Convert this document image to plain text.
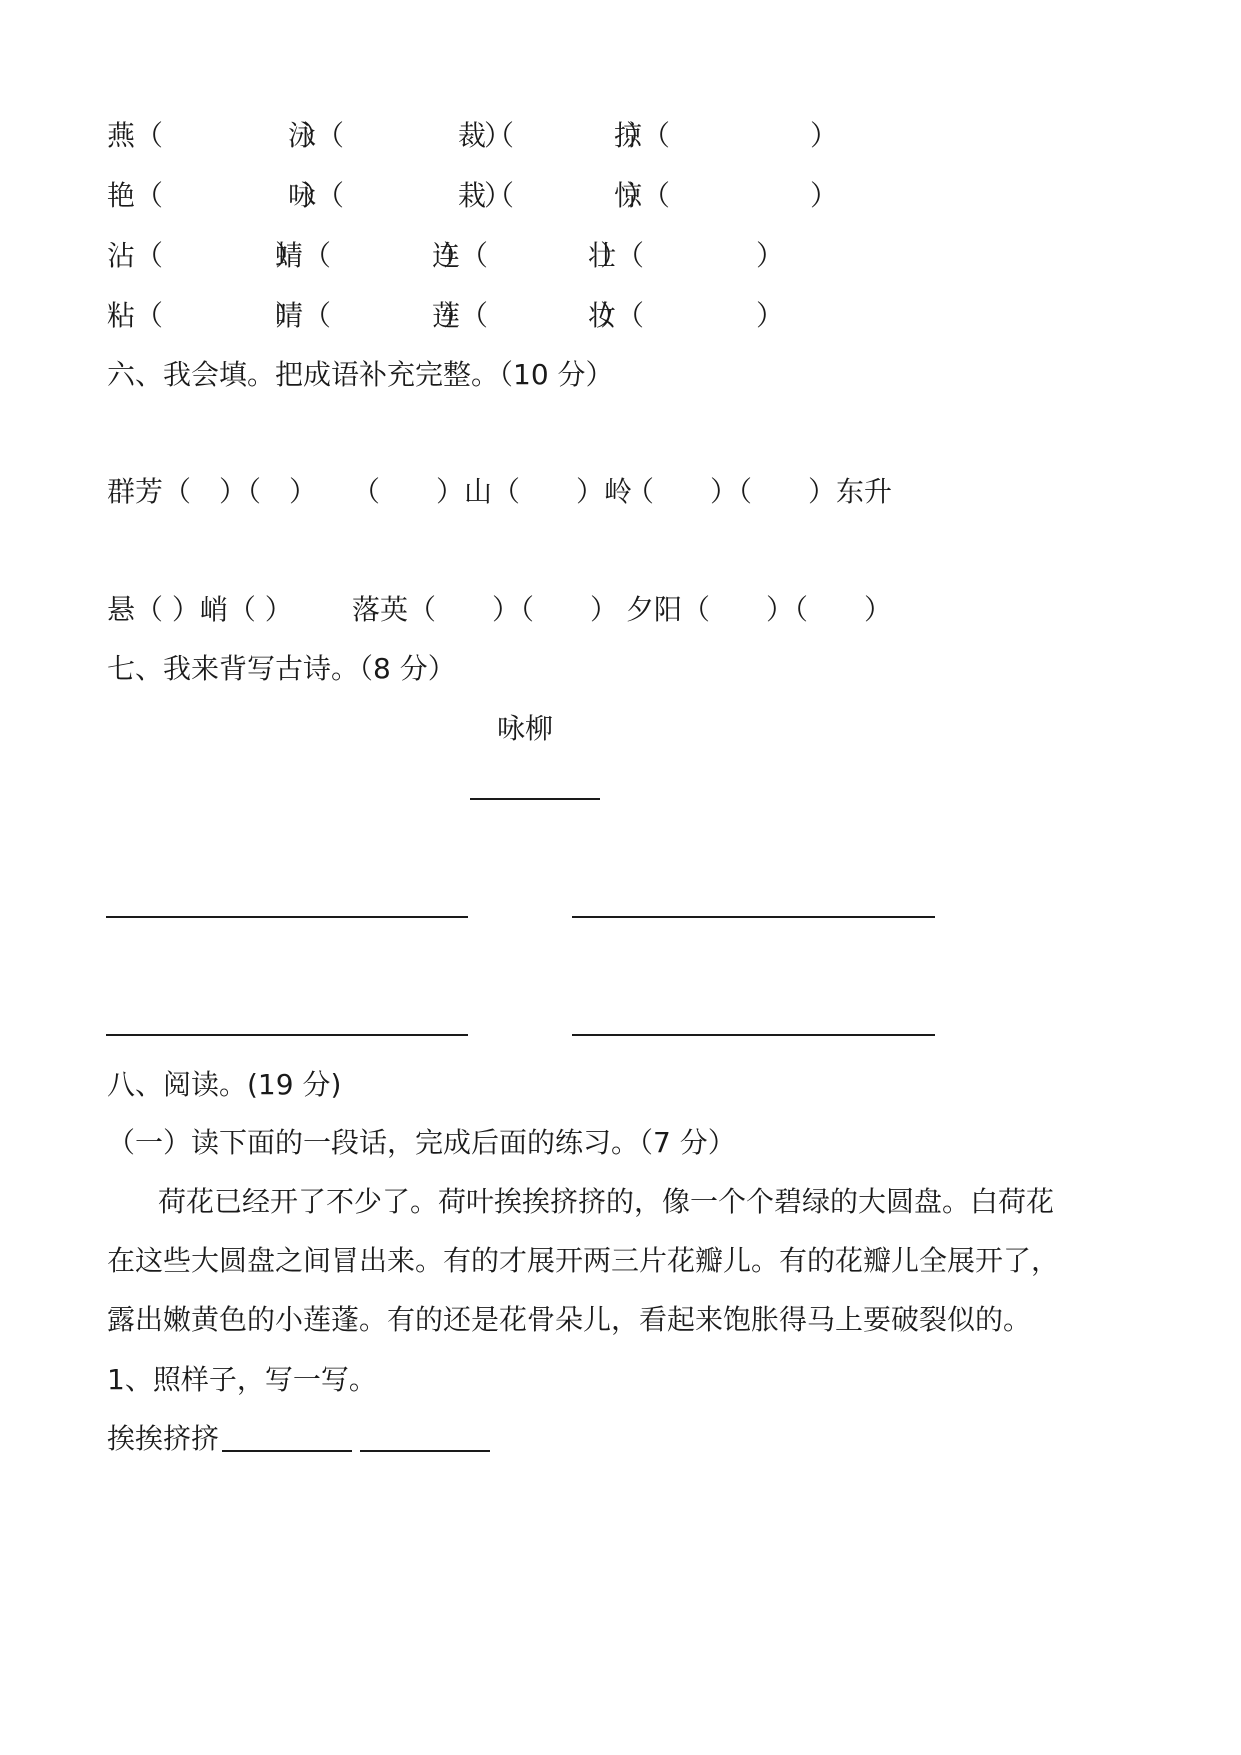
燕（　　　　　）
泳（　　　　　）
裁（　　　　）
掠（　　　　　）
艳（　　　　　）
咏（　　　　　）
栽（　　　　）
惊（　　　　　）
沾（　　　　）
蜻（　　　　）
连（　　　　）
壮（　　　　）
粘（　　　　）
晴（　　　　）
莲（　　　　）
妆（　　　　）
六、我会填。把成语补充完整。（10 分）
群芳（　）（　） （　　）山（　　）岭
（　　）（　　）东升
悬（ ）峭（ ） 落英（　　）（　　） 夕阳（　　）（　　）
七、我来背写古诗。（8 分）
咏柳
八、阅读。(19 分)
（一）读下面的一段话，完成后面的练习。（7 分）
荷花已经开了不少了。荷叶挨挨挤挤的，像一个个碧绿的大圆盘。白荷花
在这些大圆盘之间冒出来。有的才展开两三片花瓣儿。有的花瓣儿全展开了，
露出嫩黄色的小莲蓬。有的还是花骨朵儿，看起来饱胀得马上要破裂似的。
1、照样子，写一写。
挨挨挤挤
